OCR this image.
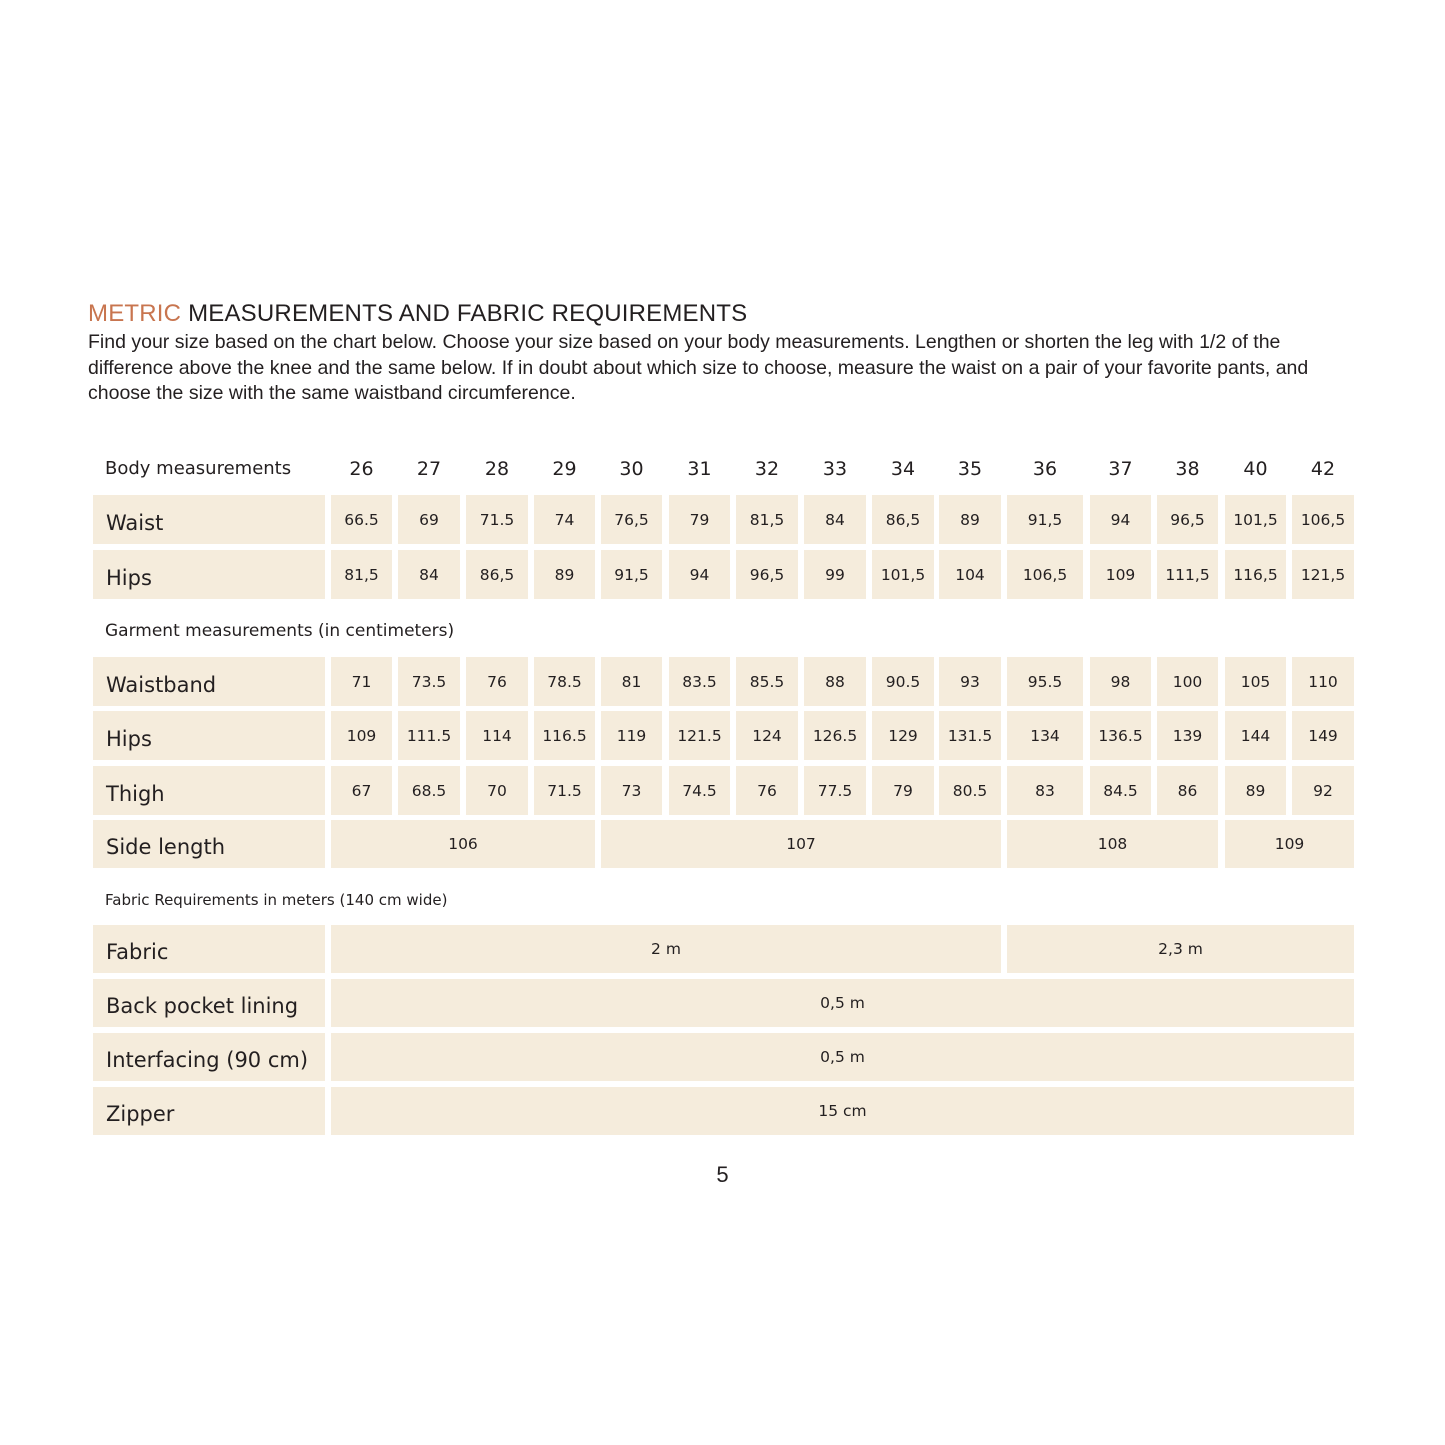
METRIC MEASUREMENTS AND FABRIC REQUIREMENTS
Find your size based on the chart below. Choose your size based on your body measurements. Lengthen or shorten the leg with 1/2 of the difference above the knee and the same below. If in doubt about which size to choose, measure the waist on a pair of your favorite pants, and choose the size with the same waistband circumference.
Body measurements	26	27	28	29	30	31	32	33	34	35	36	37	38	40	42
Waist	66.5	69	71.5	74	76,5	79	81,5	84	86,5	89	91,5	94	96,5	101,5	106,5
Hips	81,5	84	86,5	89	91,5	94	96,5	99	101,5	104	106,5	109	111,5	116,5	121,5
Garment measurements (in centimeters)
Waistband	71	73.5	76	78.5	81	83.5	85.5	88	90.5	93	95.5	98	100	105	110
Hips	109	111.5	114	116.5	119	121.5	124	126.5	129	131.5	134	136.5	139	144	149
Thigh	67	68.5	70	71.5	73	74.5	76	77.5	79	80.5	83	84.5	86	89	92
Side length	106	107	108	109
Fabric Requirements in meters (140 cm wide)
Fabric	2 m	2,3 m
Back pocket lining	0,5 m
Interfacing (90 cm)	0,5 m
Zipper	15 cm
5
